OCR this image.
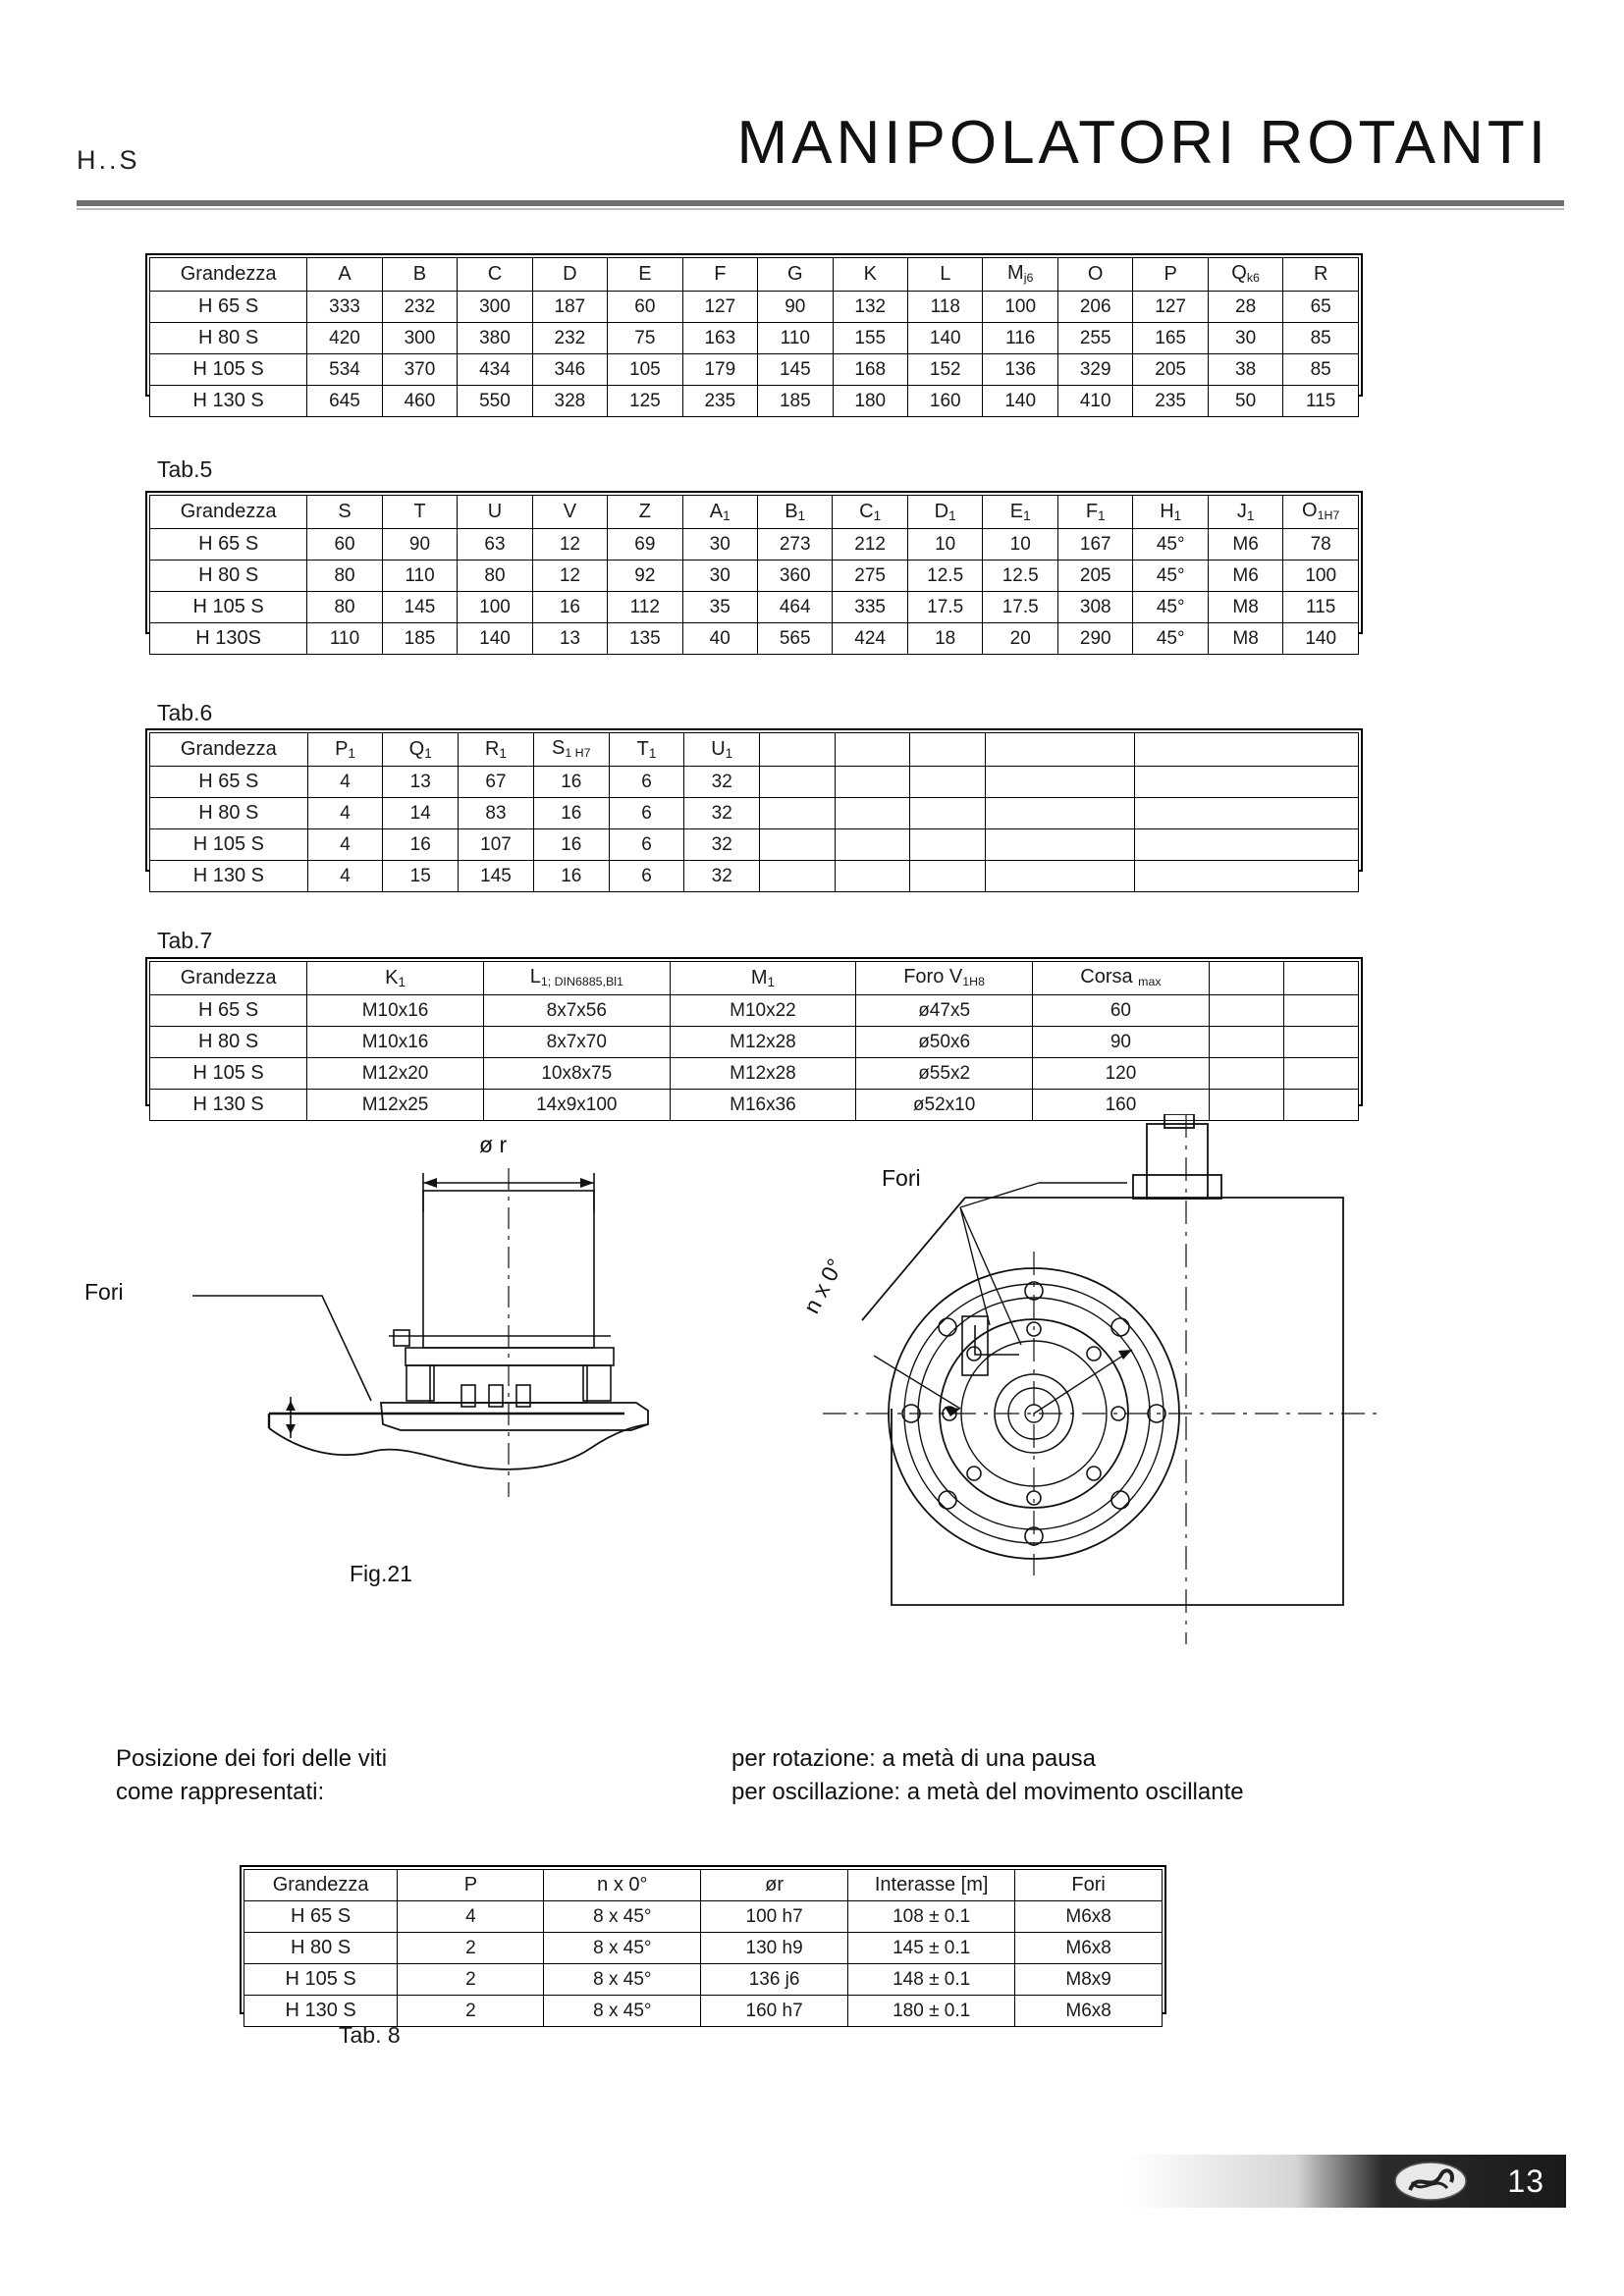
H..S	MANIPOLATORI ROTANTI
Grandezza	A	B	C	D	E	F	G	K	L	Mj6	O	P	Qk6	R
H 65 S	333	232	300	187	60	127	90	132	118	100	206	127	28	65
H 80 S	420	300	380	232	75	163	110	155	140	116	255	165	30	85
H 105 S	534	370	434	346	105	179	145	168	152	136	329	205	38	85
H 130 S	645	460	550	328	125	235	185	180	160	140	410	235	50	115
Tab.5
Grandezza	S	T	U	V	Z	$A_1$	$B_1$	$C_1$	$D_1$	$E_1$	$F_1$	$H_1$	$J_1$	O1H7
H 65 S	60	90	63	12	69	30	273	212	10	10	167	45°	M6	78
H 80 S	80	110	80	12	92	30	360	275	12.5	12.5	205	45°	M6	100
H 105 S	80	145	100	16	112	35	464	335	17.5	17.5	308	45°	M8	115
H 130S	110	185	140	13	135	40	565	424	18	20	290	45°	M8	140
Tab.6
Grandezza	$P_1$	$Q_1$	$R_1$	S1 H7	$T_1$	$U_1$					
H 65 S	4	13	67	16	6	32					
H 80 S	4	14	83	16	6	32					
H 105 S	4	16	107	16	6	32					
H 130 S	4	15	145	16	6	32					
Tab.7
Grandezza	$K_1$	L1; DIN6885,Bl1	$M_1$	Foro V1H8	Corsa max		
H 65 S	M10x16	8x7x56	M10x22	ø47x5	60		
H 80 S	M10x16	8x7x70	M12x28	ø50x6	90		
H 105 S	M12x20	10x8x75	M12x28	ø55x2	120		
H 130 S	M12x25	14x9x100	M16x36	ø52x10	160		
Fori
Fori
ø r
n x 0°
Fig.21
Posizione dei fori delle viti
come rappresentati:
per rotazione: a metà di una pausa
per oscillazione: a metà del movimento oscillante
Grandezza	P	n x 0°	ør	Interasse [m]	Fori
H 65 S	4	8 x 45°	100 h7	108 ± 0.1	M6x8
H 80 S	2	8 x 45°	130 h9	145 ± 0.1	M6x8
H 105 S	2	8 x 45°	136 j6	148 ± 0.1	M8x9
H 130 S	2	8 x 45°	160 h7	180 ± 0.1	M6x8
Tab. 8
13
